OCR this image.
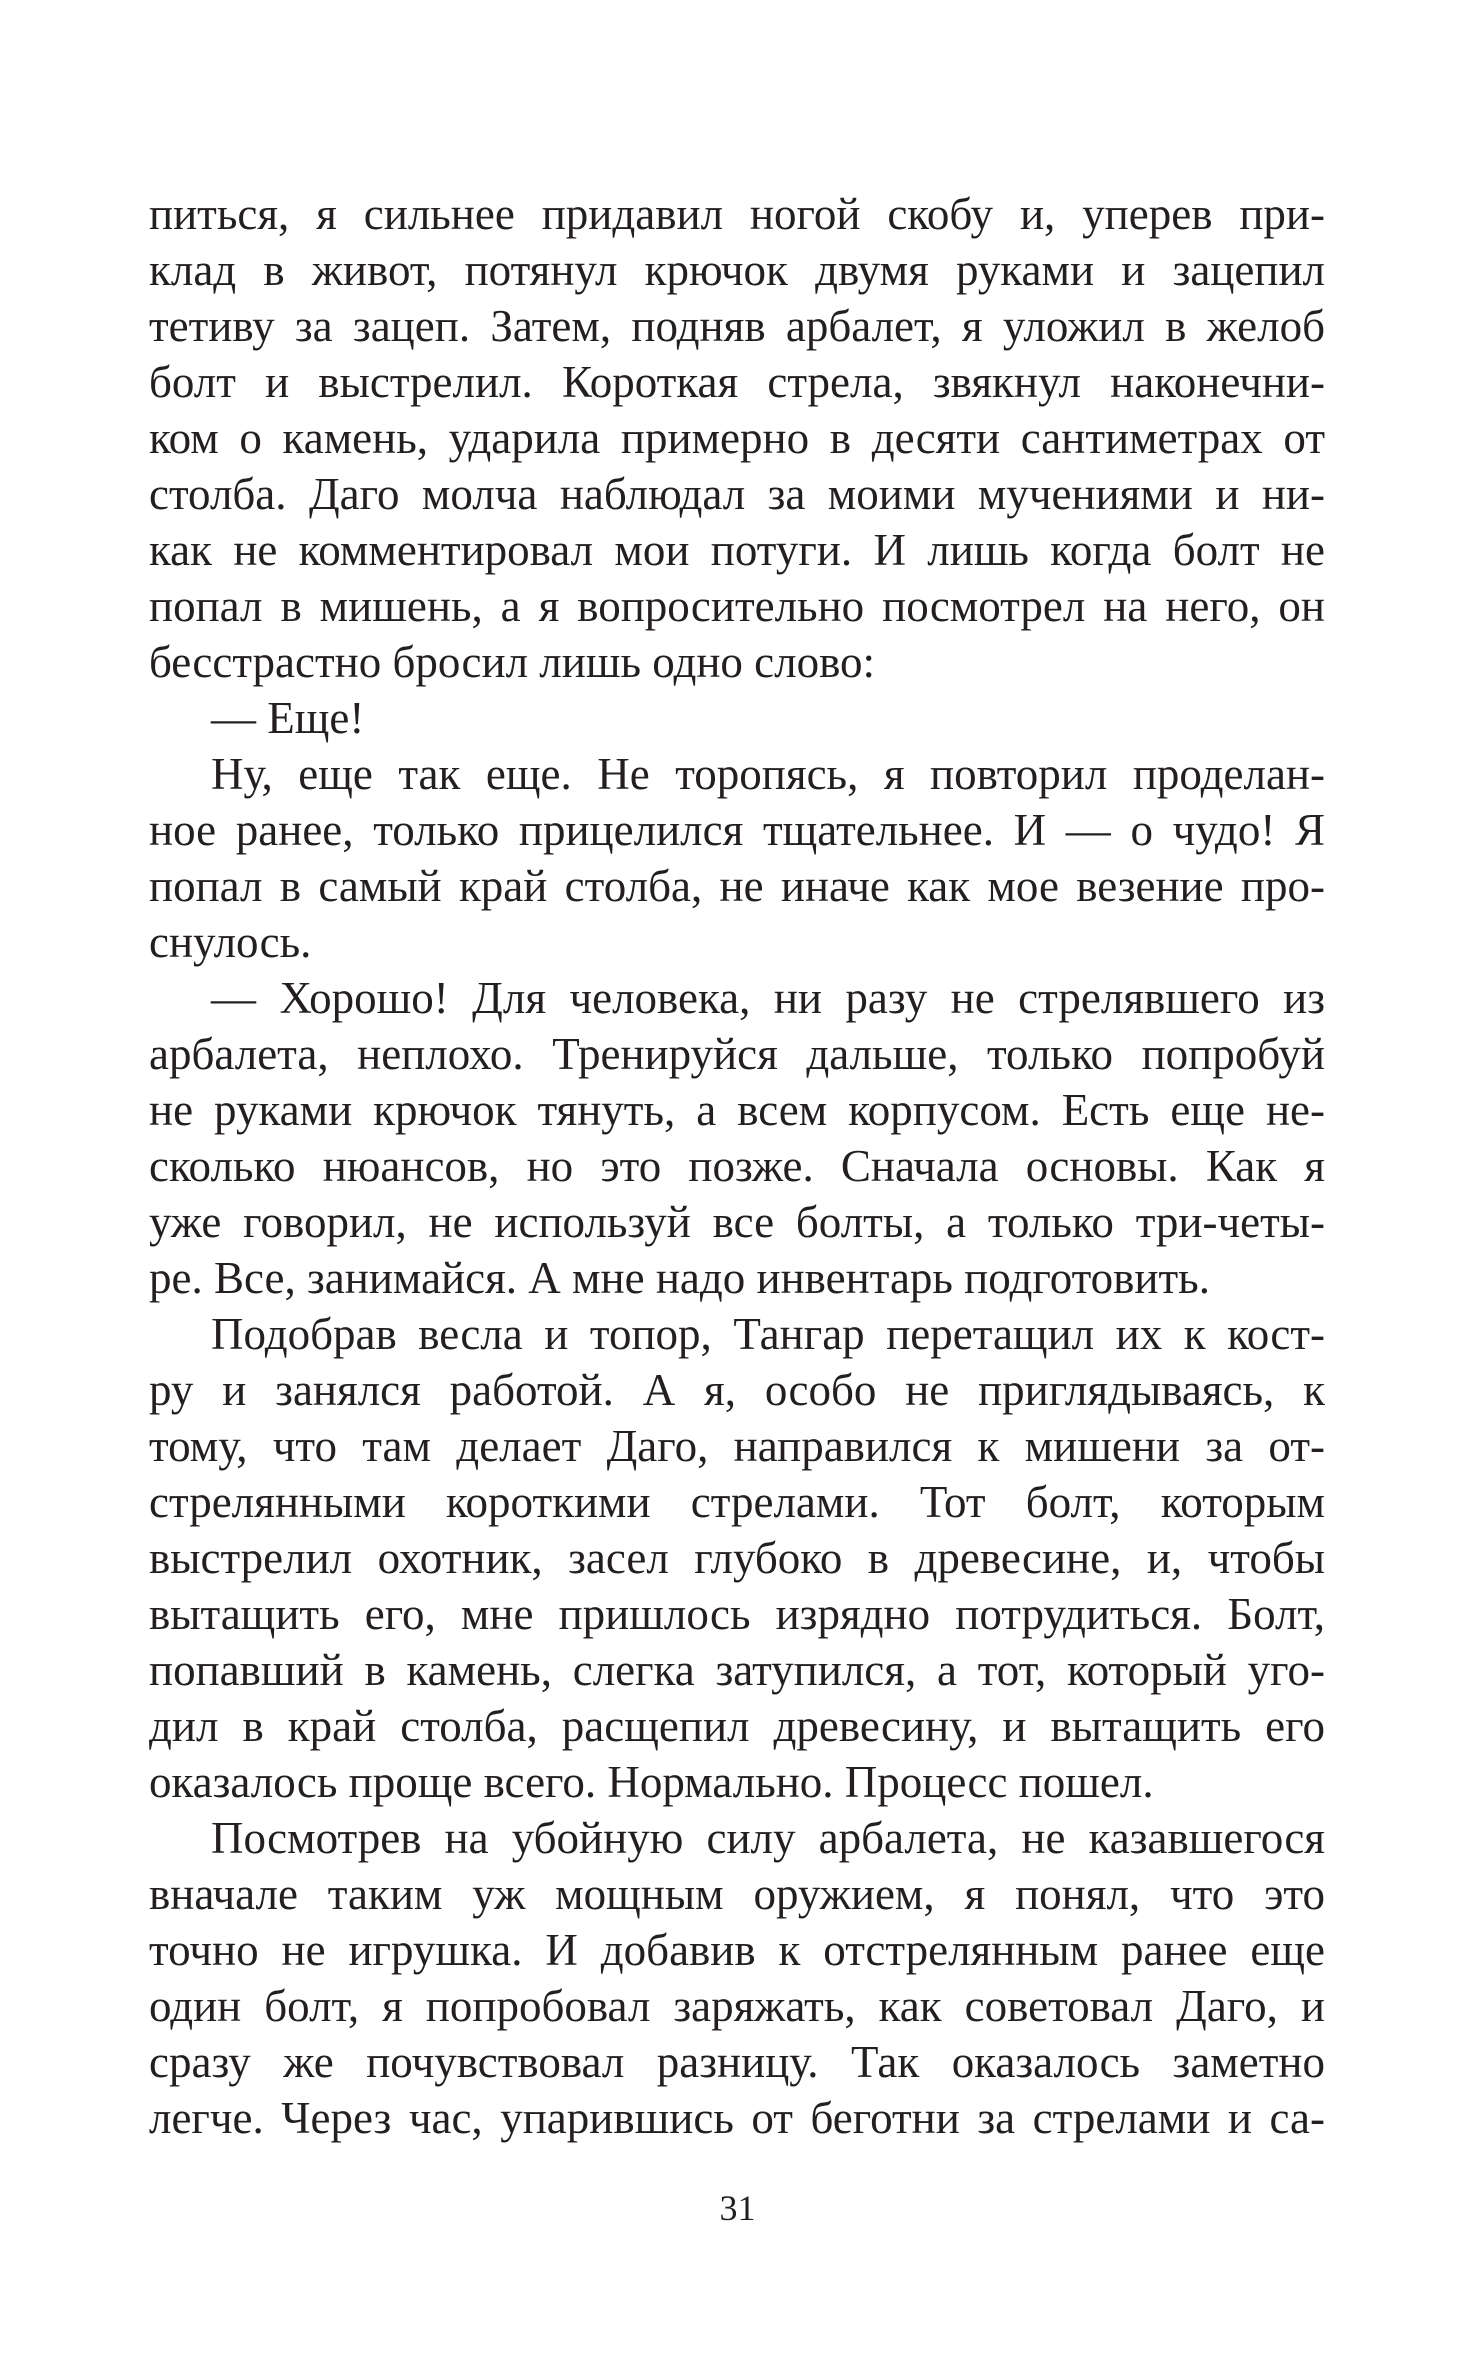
питься, я сильнее придавил ногой скобу и, уперев при-
клад в живот, потянул крючок двумя руками и зацепил
тетиву за зацеп. Затем, подняв арбалет, я уложил в желоб
болт и выстрелил. Короткая стрела, звякнул наконечни-
ком о камень, ударила примерно в десяти сантиметрах от
столба. Даго молча наблюдал за моими мучениями и ни-
как не комментировал мои потуги. И лишь когда болт не
попал в мишень, а я вопросительно посмотрел на него, он
бесстрастно бросил лишь одно слово:
— Еще!
Ну, еще так еще. Не торопясь, я повторил проделан-
ное ранее, только прицелился тщательнее. И — о чудо! Я
попал в самый край столба, не иначе как мое везение про-
снулось.
— Хорошо! Для человека, ни разу не стрелявшего из
арбалета, неплохо. Тренируйся дальше, только попробуй
не руками крючок тянуть, а всем корпусом. Есть еще не-
сколько нюансов, но это позже. Сначала основы. Как я
уже говорил, не используй все болты, а только три-четы-
ре. Все, занимайся. А мне надо инвентарь подготовить.
Подобрав весла и топор, Тангар перетащил их к кост-
ру и занялся работой. А я, особо не приглядываясь, к
тому, что там делает Даго, направился к мишени за от-
стрелянными короткими стрелами. Тот болт, которым
выстрелил охотник, засел глубоко в древесине, и, чтобы
вытащить его, мне пришлось изрядно потрудиться. Болт,
попавший в камень, слегка затупился, а тот, который уго-
дил в край столба, расщепил древесину, и вытащить его
оказалось проще всего. Нормально. Процесс пошел.
Посмотрев на убойную силу арбалета, не казавшегося
вначале таким уж мощным оружием, я понял, что это
точно не игрушка. И добавив к отстрелянным ранее еще
один болт, я попробовал заряжать, как советовал Даго, и
сразу же почувствовал разницу. Так оказалось заметно
легче. Через час, упарившись от беготни за стрелами и са-
31
